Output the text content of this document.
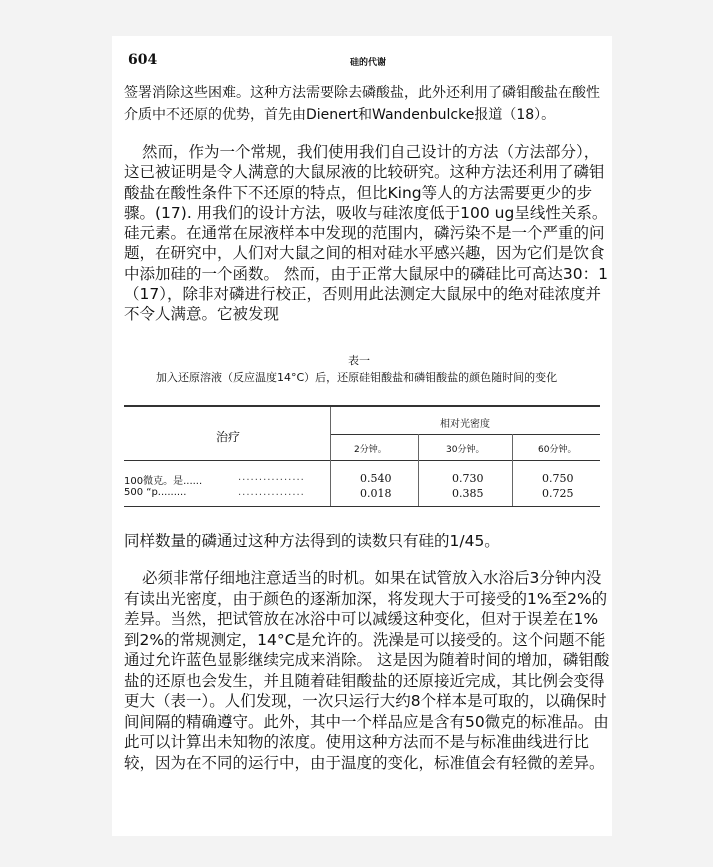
604	硅的代谢

签署消除这些困难。这种方法需要除去磷酸盐，此外还利用了磷钼酸盐在酸性介质中不还原的优势，首先由Dienert和Wandenbulcke报道（18）。

然而，作为一个常规，我们使用我们自己设计的方法（方法部分），这已被证明是令人满意的大鼠尿液的比较研究。这种方法还利用了磷钼酸盐在酸性条件下不还原的特点，但比King等人的方法需要更少的步骤。(17). 用我们的设计方法，吸收与硅浓度低于100 ug呈线性关系。硅元素。在通常在尿液样本中发现的范围内，磷污染不是一个严重的问题，在研究中，人们对大鼠之间的相对硅水平感兴趣，因为它们是饮食中添加硅的一个函数。 然而，由于正常大鼠尿中的磷硅比可高达30：1（17），除非对磷进行校正，否则用此法测定大鼠尿中的绝对硅浓度并不令人满意。它被发现

表一
加入还原溶液（反应温度14°C）后，还原硅钼酸盐和磷钼酸盐的颜色随时间的变化
治疗
相对光密度
2分钟。	30分钟。	60分钟。
100微克。是......	................	0.540	0.730	0.750
500 “p.........	................	0.018	0.385	0.725

同样数量的磷通过这种方法得到的读数只有硅的1/45。

必须非常仔细地注意适当的时机。如果在试管放入水浴后3分钟内没有读出光密度，由于颜色的逐渐加深，将发现大于可接受的1%至2%的差异。当然，把试管放在冰浴中可以减缓这种变化，但对于误差在1%到2%的常规测定，14°C是允许的。洗澡是可以接受的。这个问题不能通过允许蓝色显影继续完成来消除。 这是因为随着时间的增加，磷钼酸盐的还原也会发生，并且随着硅钼酸盐的还原接近完成，其比例会变得更大（表一）。人们发现，一次只运行大约8个样本是可取的，以确保时间间隔的精确遵守。此外，其中一个样品应是含有50微克的标准品。由此可以计算出未知物的浓度。使用这种方法而不是与标准曲线进行比较，因为在不同的运行中，由于温度的变化，标准值会有轻微的差异。
